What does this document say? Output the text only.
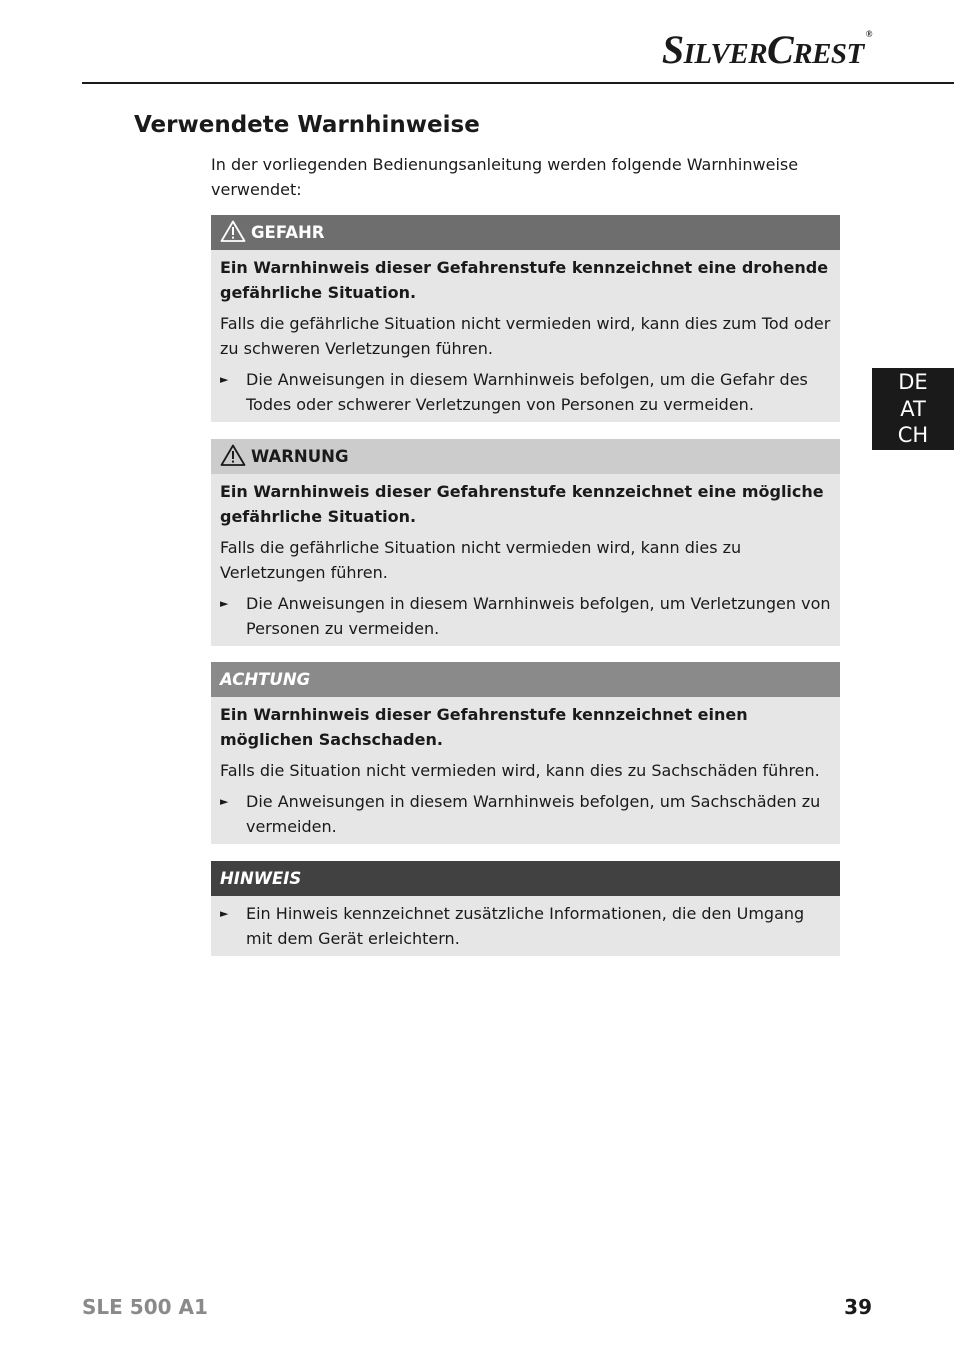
SILVERCREST®
Verwendete Warnhinweise

In der vorliegenden Bedienungsanleitung werden folgende Warnhinweise verwendet:

GEFAHR

Ein Warnhinweis dieser Gefahrenstufe kennzeichnet eine drohende gefährliche Situation.

Falls die gefährliche Situation nicht vermieden wird, kann dies zum Tod oder zu schweren Verletzungen führen.

►	Die Anweisungen in diesem Warnhinweis befolgen, um die Gefahr des Todes oder schwerer Verletzungen von Personen zu vermeiden.
WARNUNG

Ein Warnhinweis dieser Gefahrenstufe kennzeichnet eine mögliche gefährliche Situation.

Falls die gefährliche Situation nicht vermieden wird, kann dies zu Verletzungen führen.

►	Die Anweisungen in diesem Warnhinweis befolgen, um Verletzungen von Personen zu vermeiden.
ACHTUNG

Ein Warnhinweis dieser Gefahrenstufe kennzeichnet einen möglichen Sachschaden.

Falls die Situation nicht vermieden wird, kann dies zu Sachschäden führen.

►	Die Anweisungen in diesem Warnhinweis befolgen, um Sachschäden zu vermeiden.
HINWEIS
►	Ein Hinweis kennzeichnet zusätzliche Informationen, die den Umgang mit dem Gerät erleichtern.
DE
AT
CH
SLE 500 A1	39
